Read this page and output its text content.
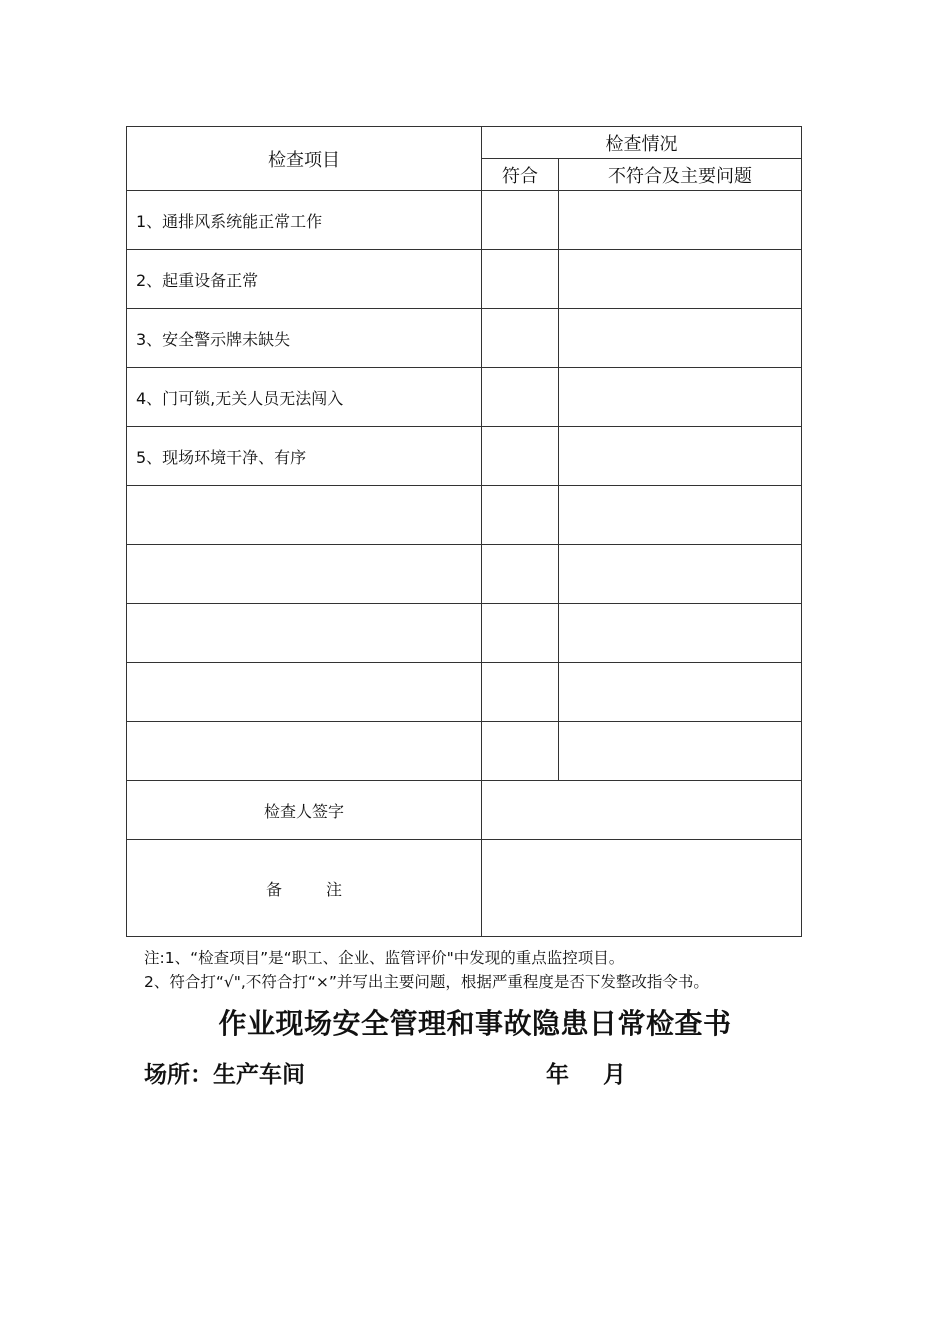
检查项目	检查情况	
	符合	不符合及主要问题
1、通排风系统能正常工作		
2、起重设备正常		
3、安全警示牌未缺失		
4、门可锁,无关人员无法闯入		
5、现场环境干净、有序		

检查人签字		
备 注		
注:1、“检查项目”是“职工、企业、监管评价"中发现的重点监控项目。
2、符合打“√",不符合打“×”并写出主要问题，根据严重程度是否下发整改指令书。
作业现场安全管理和事故隐患日常检查书
场所：生产车间	年 月
